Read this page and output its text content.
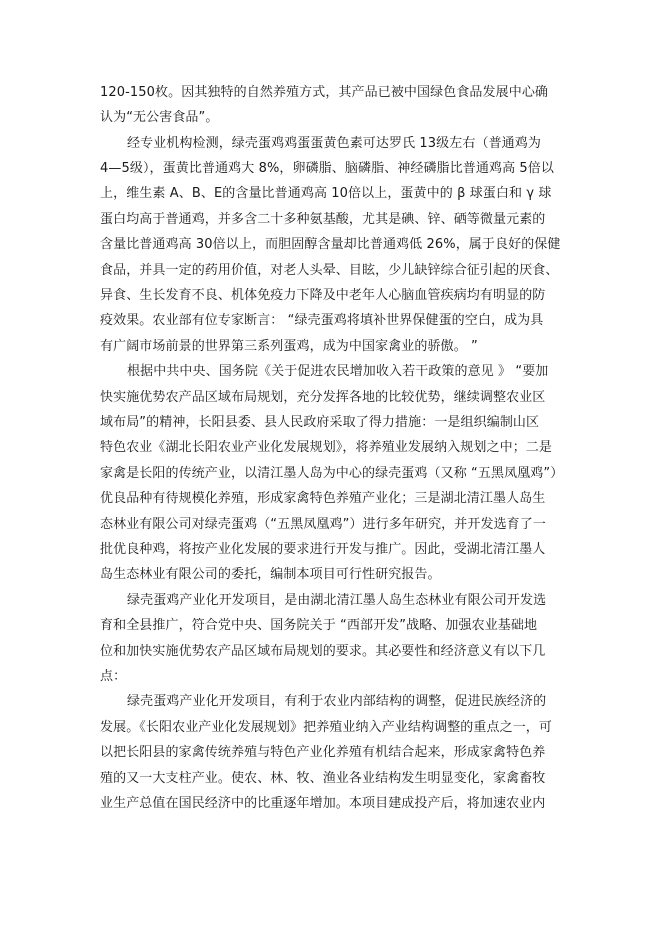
120-150枚。因其独特的自然养殖方式，其产品已被中国绿色食品发展中心确
认为“无公害食品”。
经专业机构检测，绿壳蛋鸡鸡蛋蛋黄色素可达罗氏 13级左右（普通鸡为
4—5级），蛋黄比普通鸡大 8%，卵磷脂、脑磷脂、神经磷脂比普通鸡高 5倍以
上，维生素 A、B、E的含量比普通鸡高 10倍以上，蛋黄中的 β 球蛋白和 γ 球
蛋白均高于普通鸡，并多含二十多种氨基酸，尤其是碘、锌、硒等微量元素的
含量比普通鸡高 30倍以上，而胆固醇含量却比普通鸡低 26%，属于良好的保健
食品，并具一定的药用价值，对老人头晕、目眩，少儿缺锌综合征引起的厌食、
异食、生长发育不良、机体免疫力下降及中老年人心脑血管疾病均有明显的防
疫效果。农业部有位专家断言： “绿壳蛋鸡将填补世界保健蛋的空白，成为具
有广阔市场前景的世界第三系列蛋鸡，成为中国家禽业的骄傲。 ”
根据中共中央、国务院《关于促进农民增加收入若干政策的意见 》 “要加
快实施优势农产品区域布局规划，充分发挥各地的比较优势，继续调整农业区
域布局”的精神，长阳县委、县人民政府采取了得力措施：一是组织编制山区
特色农业《湖北长阳农业产业化发展规划》，将养殖业发展纳入规划之中；二是
家禽是长阳的传统产业，以清江墨人岛为中心的绿壳蛋鸡（又称 “五黑凤凰鸡”）
优良品种有待规模化养殖，形成家禽特色养殖产业化；三是湖北清江墨人岛生
态林业有限公司对绿壳蛋鸡（“五黑凤凰鸡”）进行多年研究，并开发选育了一
批优良种鸡，将按产业化发展的要求进行开发与推广。因此，受湖北清江墨人
岛生态林业有限公司的委托，编制本项目可行性研究报告。
绿壳蛋鸡产业化开发项目，是由湖北清江墨人岛生态林业有限公司开发选
育和全县推广，符合党中央、国务院关于 “西部开发”战略、加强农业基础地
位和加快实施优势农产品区域布局规划的要求。其必要性和经济意义有以下几
点：
绿壳蛋鸡产业化开发项目，有利于农业内部结构的调整，促进民族经济的
发展。《长阳农业产业化发展规划》把养殖业纳入产业结构调整的重点之一，可
以把长阳县的家禽传统养殖与特色产业化养殖有机结合起来，形成家禽特色养
殖的又一大支柱产业。使农、林、牧、渔业各业结构发生明显变化，家禽畜牧
业生产总值在国民经济中的比重逐年增加。本项目建成投产后，将加速农业内
